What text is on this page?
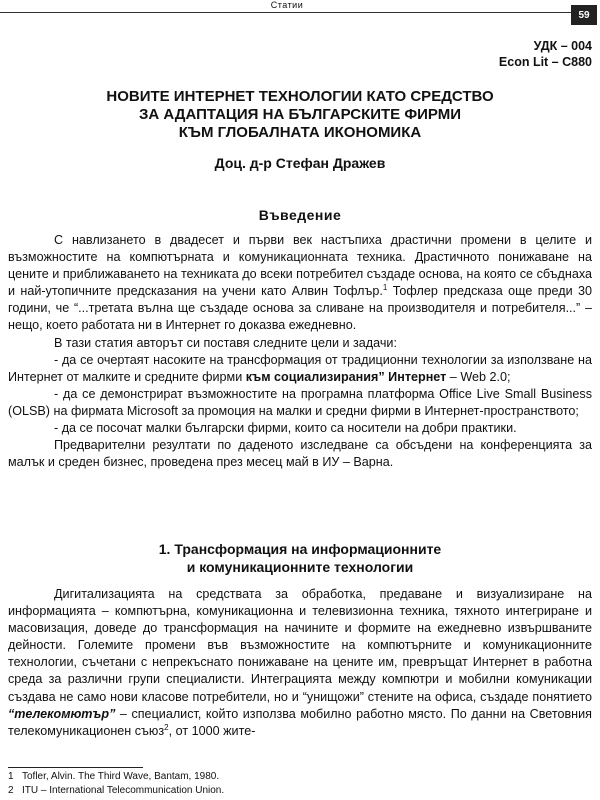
Статии
59
УДК – 004
Econ Lit – C880
НОВИТЕ ИНТЕРНЕТ ТЕХНОЛОГИИ КАТО СРЕДСТВО
ЗА АДАПТАЦИЯ НА БЪЛГАРСКИТЕ ФИРМИ
КЪМ ГЛОБАЛНАТА ИКОНОМИКА
Доц. д-р Стефан Дражев
Въведение

С навлизането в двадесет и първи век настъпиха драстични промени в целите и възможностите на компютърната и комуникационната техника. Драстичното понижаване на цените и приближаването на техниката до всеки потребител създаде основа, на която се сбъднаха и най-утопичните предсказания на учени като Алвин Тофлър.$^1$ Тофлер предсказа още преди 30 години, че “...третата вълна ще създаде основа за сливане на производителя и потребителя...” – нещо, което работата ни в Интернет го доказва ежедневно.

В тази статия авторът си поставя следните цели и задачи:

- да се очертаят насоките на трансформация от традиционни технологии за използване на Интернет от малките и средните фирми към социализирания” Интернет – Web 2.0;

- да се демонстрират възможностите на програмна платформа Office Live Small Business (OLSB) на фирмата Microsoft за промоция на малки и средни фирми в Интернет-пространството;

- да се посочат малки български фирми, които са носители на добри практики.

Предварителни резултати по даденото изследване са обсъдени на конференцията за малък и среден бизнес, проведена през месец май в ИУ – Варна.

1. Трансформация на информационните
и комуникационните технологии

Дигитализацията на средствата за обработка, предаване и визуализиране на информацията – компютърна, комуникационна и телевизионна техника, тяхното интегриране и масовизация, доведе до трансформация на начините и формите на ежедневно извършваните дейности. Големите промени във възможностите на компютърните и комуникационните технологии, съчетани с непрекъснато понижаване на цените им, превръщат Интернет в работна среда за различни групи специалисти. Интеграцията между компютри и мобилни комуникации създава не само нови класове потребители, но и “унищожи” стените на офиса, създаде понятието “телекомютър” – специалист, който използва мобилно работно място. По данни на Световния телекомуникационен съюз$^2$, от 1000 жите-

1 Tofler, Alvin. The Third Wave, Bantam, 1980.
2 ITU – International Telecommunication Union.
